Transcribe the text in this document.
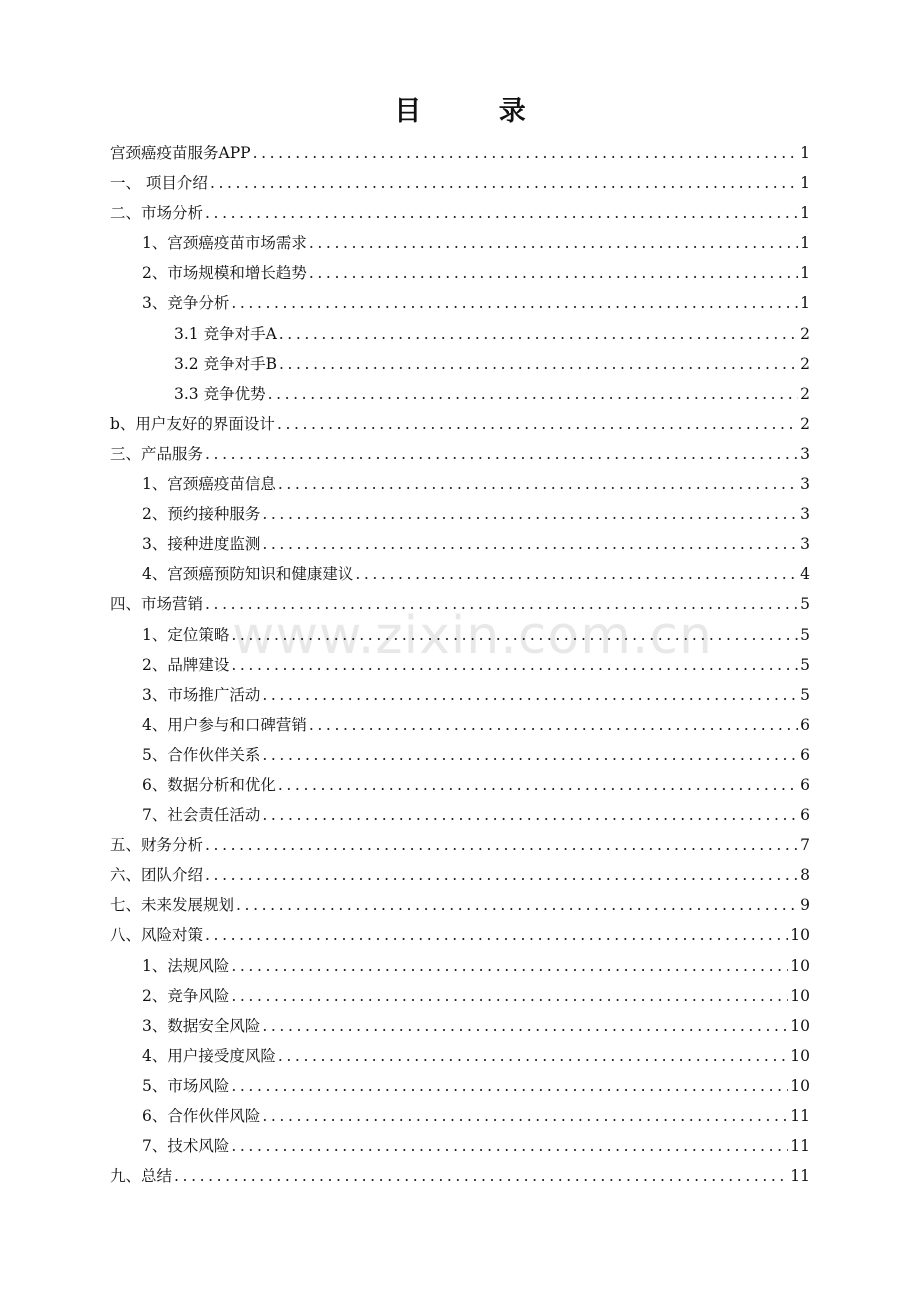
目 录
宫颈癌疫苗服务APP .....	1
一、 项目介绍 .....	1
二、市场分析 .....	1
1、宫颈癌疫苗市场需求 .....	1
2、市场规模和增长趋势 .....	1
3、竞争分析 .....	1
3.1 竞争对手A .....	2
3.2 竞争对手B .....	2
3.3 竞争优势 .....	2
b、用户友好的界面设计 .....	2
三、产品服务 .....	3
1、宫颈癌疫苗信息 .....	3
2、预约接种服务 .....	3
3、接种进度监测 .....	3
4、宫颈癌预防知识和健康建议 .....	4
四、市场营销 .....	5
1、定位策略 .....	5
2、品牌建设 .....	5
3、市场推广活动 .....	5
4、用户参与和口碑营销 .....	6
5、合作伙伴关系 .....	6
6、数据分析和优化 .....	6
7、社会责任活动 .....	6
五、财务分析 .....	7
六、团队介绍 .....	8
七、未来发展规划 .....	9
八、风险对策 .....	10
1、法规风险 .....	10
2、竞争风险 .....	10
3、数据安全风险 .....	10
4、用户接受度风险 .....	10
5、市场风险 .....	10
6、合作伙伴风险 .....	11
7、技术风险 .....	11
九、总结 .....	11
www.zixin.com.cn
